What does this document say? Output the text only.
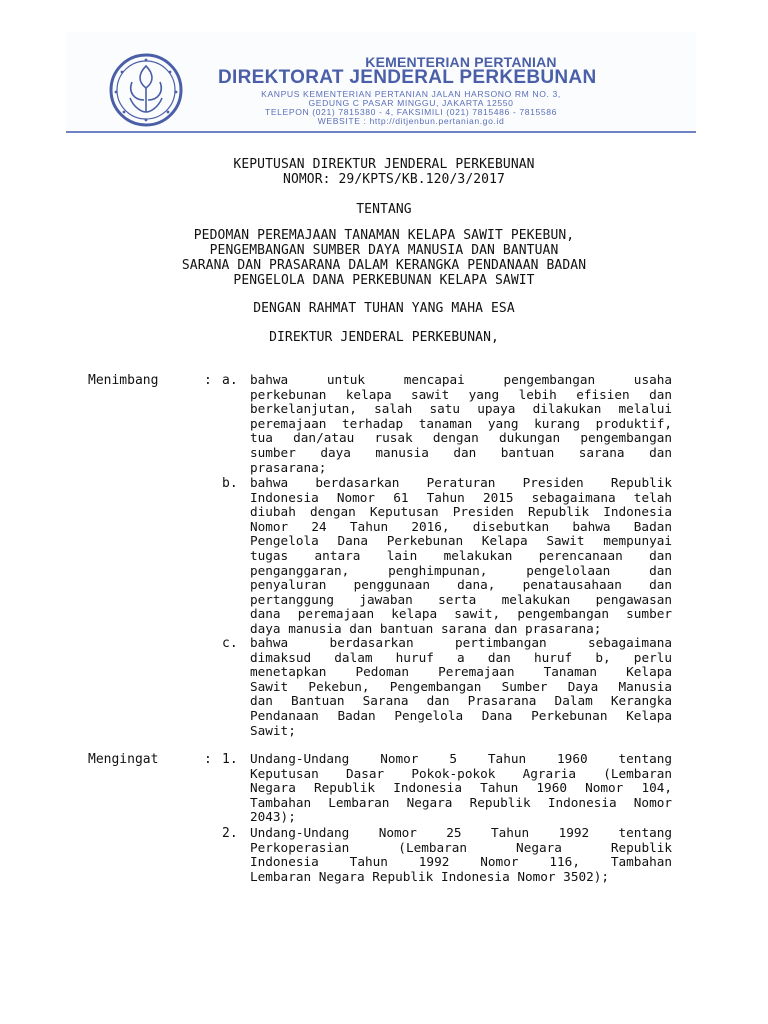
KEMENTERIAN PERTANIAN
DIREKTORAT JENDERAL PERKEBUNAN
KANPUS KEMENTERIAN PERTANIAN JALAN HARSONO RM NO. 3,
GEDUNG C PASAR MINGGU, JAKARTA 12550
TELEPON (021) 7815380 - 4, FAKSIMILI (021) 7815486 - 7815586
WEBSITE : http://ditjenbun.pertanian.go.id
KEPUTUSAN DIREKTUR JENDERAL PERKEBUNAN
NOMOR: 29/KPTS/KB.120/3/2017
TENTANG
PEDOMAN PEREMAJAAN TANAMAN KELAPA SAWIT PEKEBUN,
PENGEMBANGAN SUMBER DAYA MANUSIA DAN BANTUAN
SARANA DAN PRASARANA DALAM KERANGKA PENDANAAN BADAN
PENGELOLA DANA PERKEBUNAN KELAPA SAWIT
DENGAN RAHMAT TUHAN YANG MAHA ESA
DIREKTUR JENDERAL PERKEBUNAN,
Menimbang	: a. bahwa untuk mencapai pengembangan usaha
perkebunan kelapa sawit yang lebih efisien dan
berkelanjutan, salah satu upaya dilakukan melalui
peremajaan terhadap tanaman yang kurang produktif,
tua dan/atau rusak dengan dukungan pengembangan
sumber daya manusia dan bantuan sarana dan
prasarana;
b. bahwa berdasarkan Peraturan Presiden Republik
Indonesia Nomor 61 Tahun 2015 sebagaimana telah
diubah dengan Keputusan Presiden Republik Indonesia
Nomor 24 Tahun 2016, disebutkan bahwa Badan
Pengelola Dana Perkebunan Kelapa Sawit mempunyai
tugas antara lain melakukan perencanaan dan
penganggaran, penghimpunan, pengelolaan dan
penyaluran penggunaan dana, penatausahaan dan
pertanggung jawaban serta melakukan pengawasan
dana peremajaan kelapa sawit, pengembangan sumber
daya manusia dan bantuan sarana dan prasarana;
c. bahwa berdasarkan pertimbangan sebagaimana
dimaksud dalam huruf a dan huruf b, perlu
menetapkan Pedoman Peremajaan Tanaman Kelapa
Sawit Pekebun, Pengembangan Sumber Daya Manusia
dan Bantuan Sarana dan Prasarana Dalam Kerangka
Pendanaan Badan Pengelola Dana Perkebunan Kelapa
Sawit;
Mengingat	: 1. Undang-Undang Nomor 5 Tahun 1960 tentang
Keputusan Dasar Pokok-pokok Agraria (Lembaran
Negara Republik Indonesia Tahun 1960 Nomor 104,
Tambahan Lembaran Negara Republik Indonesia Nomor
2043);
2. Undang-Undang Nomor 25 Tahun 1992 tentang
Perkoperasian (Lembaran Negara Republik
Indonesia Tahun 1992 Nomor 116, Tambahan
Lembaran Negara Republik Indonesia Nomor 3502);
